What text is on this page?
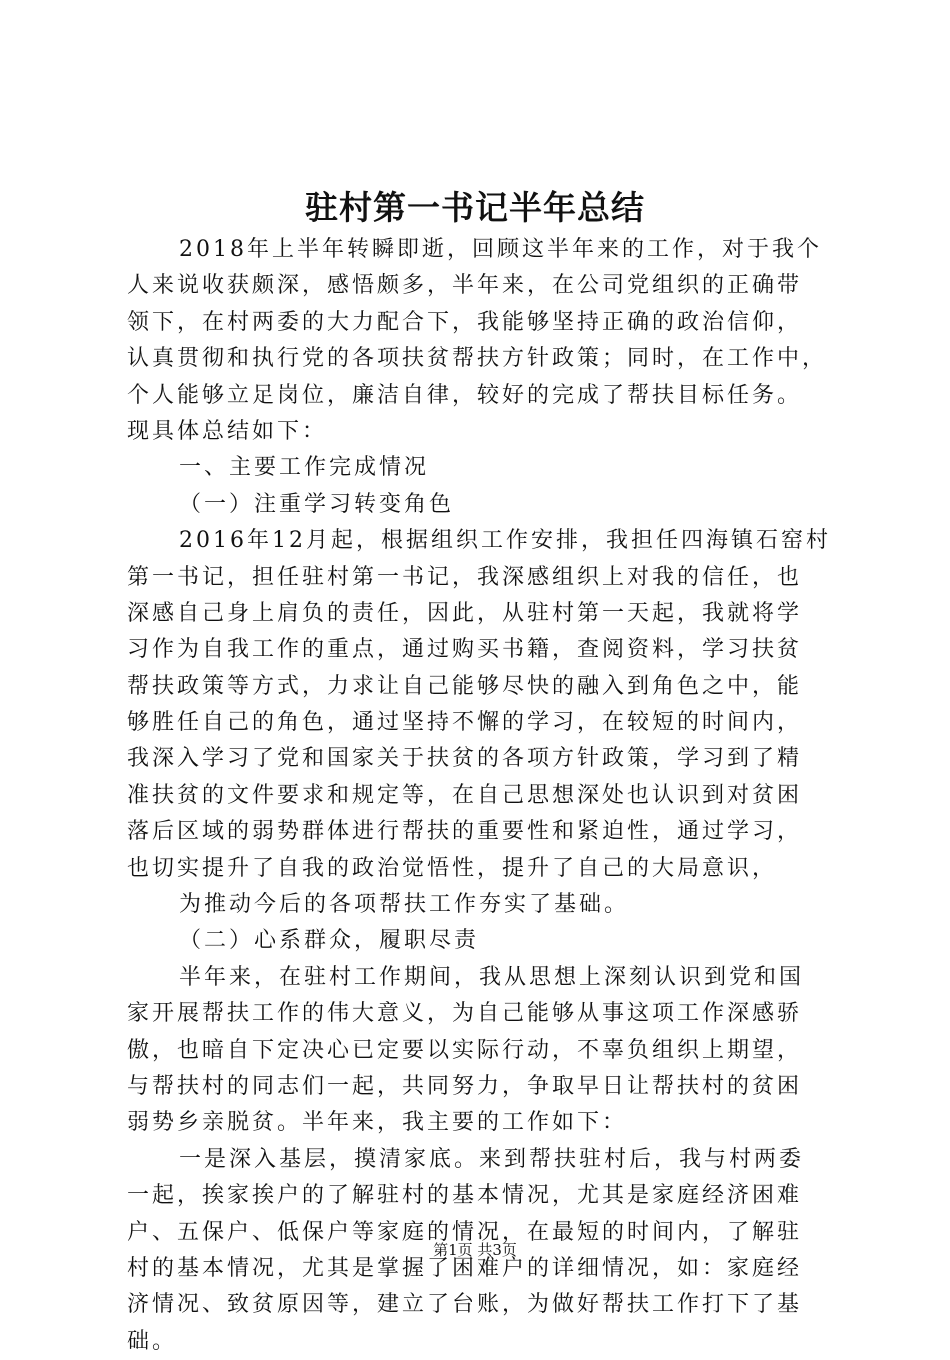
驻村第一书记半年总结
2018年上半年转瞬即逝，回顾这半年来的工作，对于我个
人来说收获颇深，感悟颇多，半年来，在公司党组织的正确带
领下，在村两委的大力配合下，我能够坚持正确的政治信仰，
认真贯彻和执行党的各项扶贫帮扶方针政策；同时，在工作中，
个人能够立足岗位，廉洁自律，较好的完成了帮扶目标任务。
现具体总结如下：
一、主要工作完成情况
（一）注重学习转变角色
2016年12月起，根据组织工作安排，我担任四海镇石窑村
第一书记，担任驻村第一书记，我深感组织上对我的信任，也
深感自己身上肩负的责任，因此，从驻村第一天起，我就将学
习作为自我工作的重点，通过购买书籍，查阅资料，学习扶贫
帮扶政策等方式，力求让自己能够尽快的融入到角色之中，能
够胜任自己的角色，通过坚持不懈的学习，在较短的时间内，
我深入学习了党和国家关于扶贫的各项方针政策，学习到了精
准扶贫的文件要求和规定等，在自己思想深处也认识到对贫困
落后区域的弱势群体进行帮扶的重要性和紧迫性，通过学习，
也切实提升了自我的政治觉悟性，提升了自己的大局意识，
为推动今后的各项帮扶工作夯实了基础。
（二）心系群众，履职尽责
半年来，在驻村工作期间，我从思想上深刻认识到党和国
家开展帮扶工作的伟大意义，为自己能够从事这项工作深感骄
傲，也暗自下定决心已定要以实际行动，不辜负组织上期望，
与帮扶村的同志们一起，共同努力，争取早日让帮扶村的贫困
弱势乡亲脱贫。半年来，我主要的工作如下：
一是深入基层，摸清家底。来到帮扶驻村后，我与村两委
一起，挨家挨户的了解驻村的基本情况，尤其是家庭经济困难
户、五保户、低保户等家庭的情况，在最短的时间内，了解驻
村的基本情况，尤其是掌握了困难户的详细情况，如：家庭经
济情况、致贫原因等，建立了台账，为做好帮扶工作打下了基
础。
第1页 共3页
